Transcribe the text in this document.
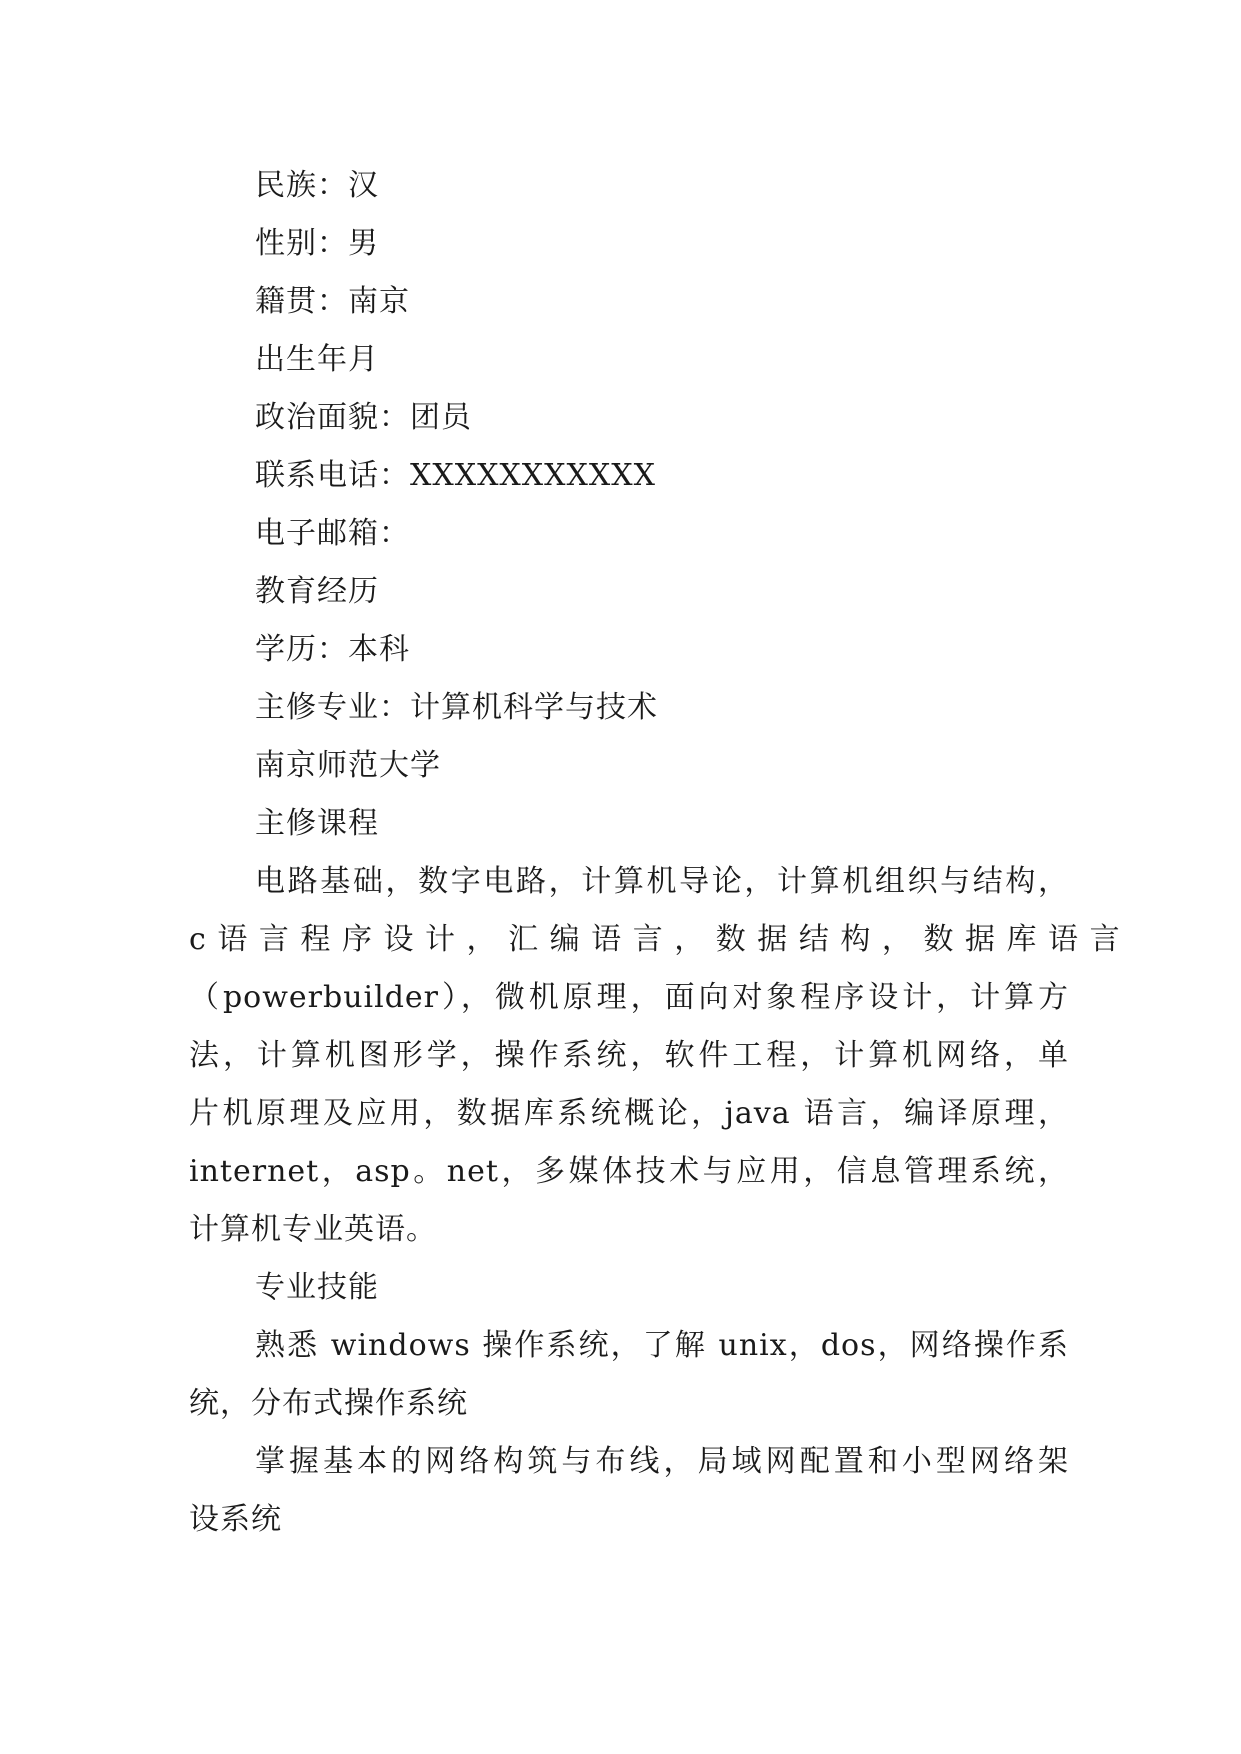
民族：汉
性别：男
籍贯：南京
出生年月
政治面貌：团员
联系电话：XXXXXXXXXXX
电子邮箱：
教育经历
学历：本科
主修专业：计算机科学与技术
南京师范大学
主修课程
电路基础，数字电路，计算机导论，计算机组织与结构，
c 语 言 程 序 设 计 ， 汇 编 语 言 ， 数 据 结 构 ， 数 据 库 语 言
（powerbuilder），微机原理，面向对象程序设计，计算方
法，计算机图形学，操作系统，软件工程，计算机网络，单
片机原理及应用，数据库系统概论，java 语言，编译原理，
internet，asp。net，多媒体技术与应用，信息管理系统，
计算机专业英语。
专业技能
熟悉 windows 操作系统，了解 unix，dos，网络操作系
统，分布式操作系统
掌握基本的网络构筑与布线，局域网配置和小型网络架
设系统
